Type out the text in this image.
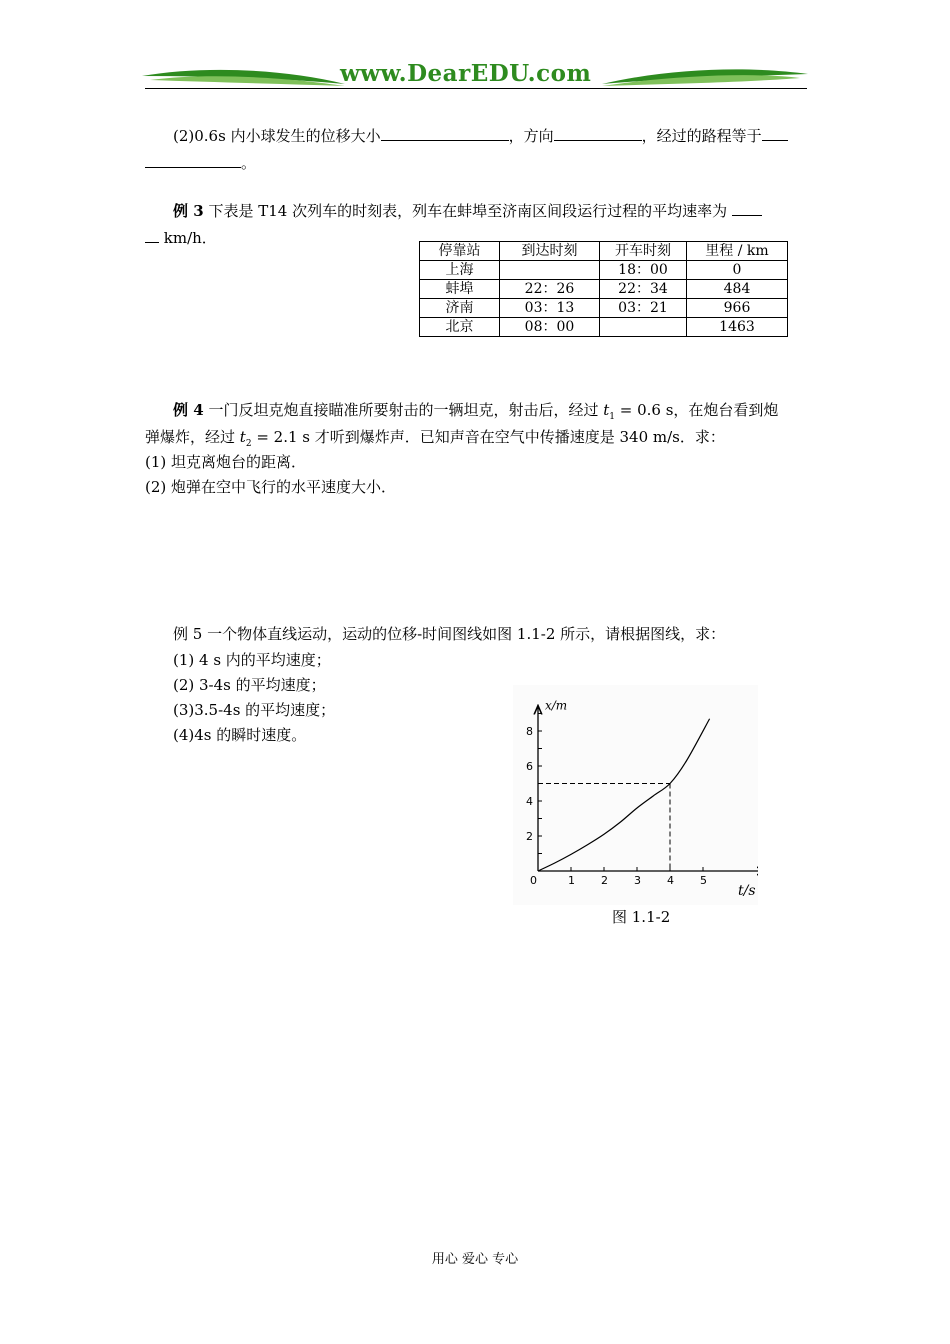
www.DearEDU.com
(2)0.6s 内小球发生的位移大小	，方向	，经过的路程等于
。
例 3 下表是 T14 次列车的时刻表，列车在蚌埠至济南区间段运行过程的平均速率为
km/h．
停靠站	到达时刻	开车时刻	里程 / km
上海		18：00	0
蚌埠	22：26	22：34	484
济南	03：13	03：21	966
北京	08：00		1463
例 4 一门反坦克炮直接瞄准所要射击的一辆坦克，射击后，经过 $t_1 = 0.6$ s，在炮台看到炮
弹爆炸，经过 $t_2 = 2.1$ s 才听到爆炸声．已知声音在空气中传播速度是 340 m/s．求：
(1) 坦克离炮台的距离．
(2) 炮弹在空中飞行的水平速度大小．
例 5 一个物体直线运动，运动的位移-时间图线如图 1.1-2 所示，请根据图线，求：
(1) 4 s 内的平均速度；
(2) 3-4s 的平均速度；
(3)3.5-4s 的平均速度；
(4)4s 的瞬时速度。
0	1 2 3 4 5
2
4
6
8
x/m
t/s
图 1.1-2
用心 爱心 专心
